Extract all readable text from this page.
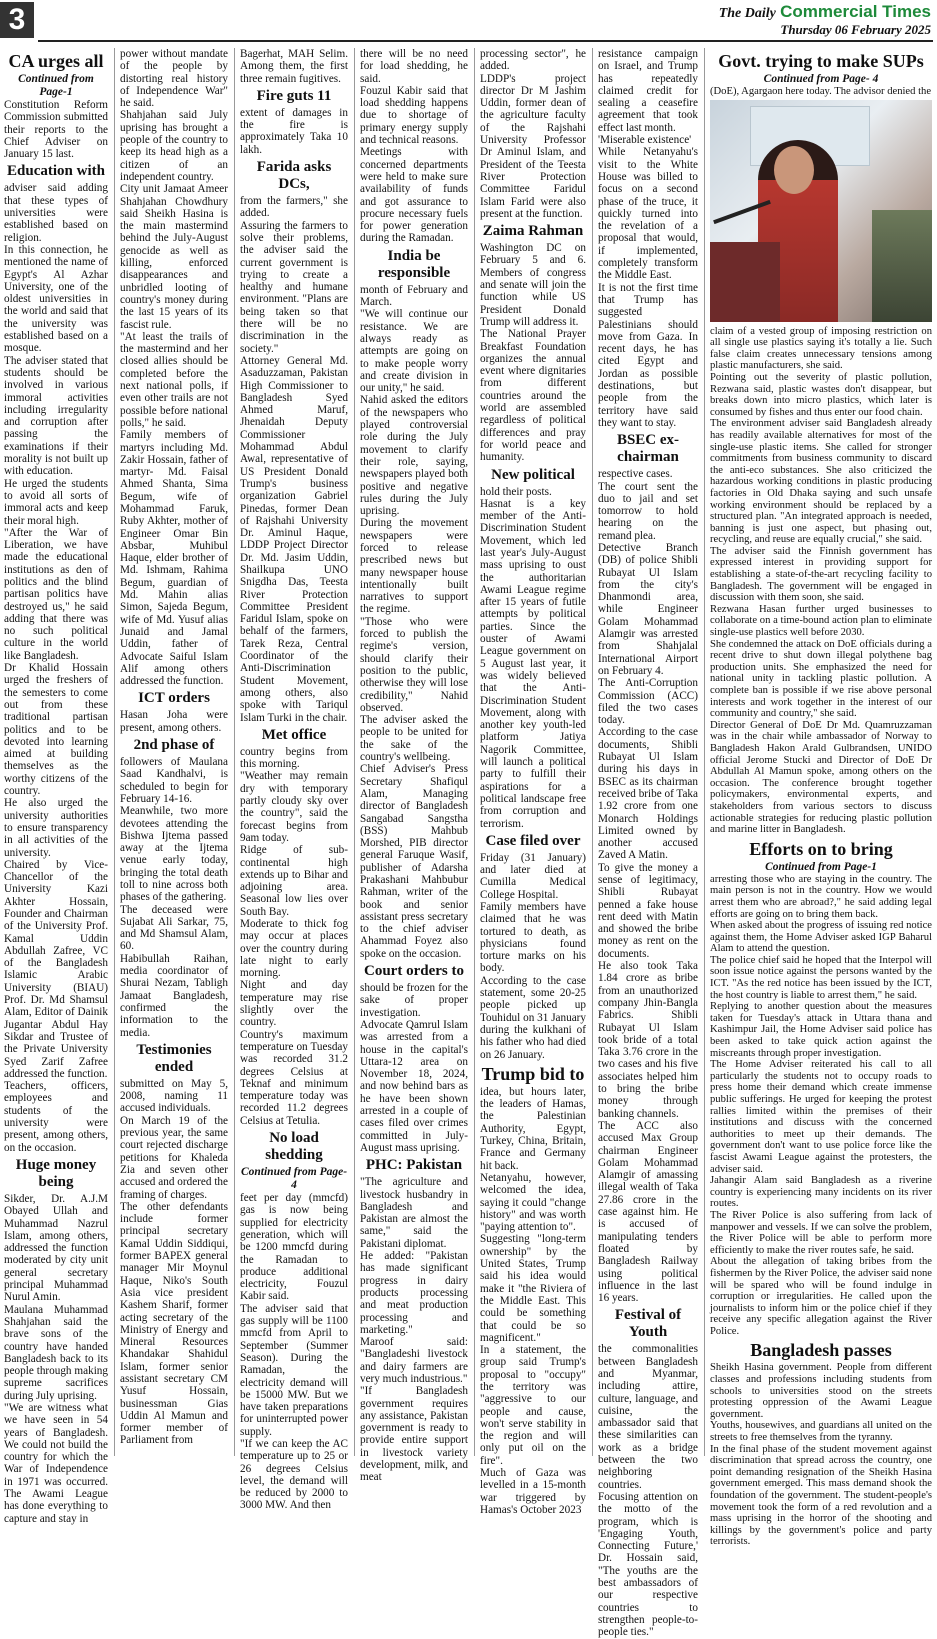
3	The Daily Commercial Times
Thursday 06 February 2025
CA urges all
Continued from Page-1

Constitution Reform Commission submitted their reports to the Chief Adviser on January 15 last.

Education with

adviser said adding that these types of universities were established based on religion.

In this connection, he mentioned the name of Egypt's Al Azhar University, one of the oldest universities in the world and said that the university was established based on a mosque.

The adviser stated that students should be involved in various immoral activities including irregularity and corruption after passing the examinations if their morality is not built up with education.

He urged the students to avoid all sorts of immoral acts and keep their moral high.

"After the War of Liberation, we have made the educational institutions as den of politics and the blind partisan politics have destroyed us," he said adding that there was no such political culture in the world like Bangladesh.

Dr Khalid Hossain urged the freshers of the semesters to come out from these traditional partisan politics and to be devoted into learning aimed at building themselves as the worthy citizens of the country.

He also urged the university authorities to ensure transparency in all activities of the university.

Chaired by Vice-Chancellor of the University Kazi Akhter Hossain, Founder and Chairman of the University Prof. Kamal Uddin Abdullah Zafree, VC of the Bangladesh Islamic Arabic University (BIAU) Prof. Dr. Md Shamsul Alam, Editor of Dainik Jugantar Abdul Hay Sikdar and Trustee of the Private University Syed Zarif Zafree addressed the function.

Teachers, officers, employees and students of the university were present, among others, on the occasion.

Huge money being

Sikder, Dr. A.J.M Obayed Ullah and Muhammad Nazrul Islam, among others, addressed the function moderated by city unit general secretary principal Muhammad Nurul Amin.

Maulana Muhammad Shahjahan said the brave sons of the country have handed Bangladesh back to its people through making supreme sacrifices during July uprising.

"We are witness what we have seen in 54 years of Bangladesh. We could not build the country for which the War of Independence in 1971 was occurred. The Awami League has done everything to capture and stay in

power without mandate of the people by distorting real history of Independence War" he said.

Shahjahan said July uprising has brought a people of the country to keep its head high as a citizen of an independent country.

City unit Jamaat Ameer Shahjahan Chowdhury said Sheikh Hasina is the main mastermind behind the July-August genocide as well as killing, enforced disappearances and unbridled looting of country's money during the last 15 years of its fascist rule.

"At least the trails of the mastermind and her closed allies should be completed before the next national polls, if even other trails are not possible before national polls," he said.

Family members of martyrs including Md. Zakir Hossain, father of martyr- Md. Faisal Ahmed Shanta, Sima Begum, wife of Mohammad Faruk, Ruby Akhter, mother of Engineer Omar Bin Absbar, Muhibul Haque, elder brother of Md. Ishmam, Rahima Begum, guardian of Md. Mahin alias Simon, Sajeda Begum, wife of Md. Yusuf alias Junaid and Jamal Uddin, father of Advocate Saiful Islam Alif among others addressed the function.

ICT orders

Hasan Joha were present, among others.

2nd phase of

followers of Maulana Saad Kandhalvi, is scheduled to begin for February 14-16.

Meanwhile, two more devotees attending the Bishwa Ijtema passed away at the Ijtema venue early today, bringing the total death toll to nine across both phases of the gathering.

The deceased were Sujabat Ali Sarkar, 75, and Md Shamsul Alam, 60.

Habibullah Raihan, media coordinator of Shurai Nezam, Tabligh Jamaat Bangladesh, confirmed the information to the media.

Testimonies ended

submitted on May 5, 2008, naming 11 accused individuals.

On March 19 of the previous year, the same court rejected discharge petitions for Khaleda Zia and seven other accused and ordered the framing of charges.

The other defendants include former principal secretary Kamal Uddin Siddiqui, former BAPEX general manager Mir Moynul Haque, Niko's South Asia vice president Kashem Sharif, former acting secretary of the Ministry of Energy and Mineral Resources Khandakar Shahidul Islam, former senior assistant secretary CM Yusuf Hossain, businessman Gias Uddin Al Mamun and former member of Parliament from

Bagerhat, MAH Selim. Among them, the first three remain fugitives.

Fire guts 11

extent of damages in the fire is approximately Taka 10 lakh.

Farida asks DCs,

from the farmers," she added.

Assuring the farmers to solve their problems, the adviser said the current government is trying to create a healthy and humane environment. "Plans are being taken so that there will be no discrimination in the society."

Attorney General Md. Asaduzzaman, Pakistan High Commissioner to Bangladesh Syed Ahmed Maruf, Jhenaidah Deputy Commissioner Mohammad Abdul Awal, representative of US President Donald Trump's business organization Gabriel Pinedas, former Dean of Rajshahi University Dr. Aminul Haque, LDDP Project Director Dr. Md. Jasim Uddin, Shailkupa UNO Snigdha Das, Teesta River Protection Committee President Faridul Islam, spoke on behalf of the farmers, Tarek Reza, Central Coordinator of the Anti-Discrimination Student Movement, among others, also spoke with Tariqul Islam Turki in the chair.

Met office

country begins from this morning.

"Weather may remain dry with temporary partly cloudy sky over the country", said the forecast begins from 9am today.

Ridge of sub-continental high extends up to Bihar and adjoining area. Seasonal low lies over South Bay.

Moderate to thick fog may occur at places over the country during late night to early morning.

Night and day temperature may rise slightly over the country.

Country's maximum temperature on Tuesday was recorded 31.2 degrees Celsius at Teknaf and minimum temperature today was recorded 11.2 degrees Celsius at Tetulia.

No load shedding
Continued from Page- 4

feet per day (mmcfd) gas is now being supplied for electricity generation, which will be 1200 mmcfd during the Ramadan to produce additional electricity, Fouzul Kabir said.

The adviser said that gas supply will be 1100 mmcfd from April to September (Summer Season). During the Ramadan, the electricity demand will be 15000 MW. But we have taken preparations for uninterrupted power supply.

"If we can keep the AC temperature up to 25 or 26 degrees Celsius level, the demand will be reduced by 2000 to 3000 MW. And then

there will be no need for load shedding, he said.

Fouzul Kabir said that load shedding happens due to shortage of primary energy supply and technical reasons.

Meetings with concerned departments were held to make sure availability of funds and got assurance to procure necessary fuels for power generation during the Ramadan.

India be responsible

month of February and March.

"We will continue our resistance. We are always ready as attempts are going on to make people worry and create division in our unity," he said.

Nahid asked the editors of the newspapers who played controversial role during the July movement to clarify their role, saying, newspapers played both positive and negative rules during the July uprising.

During the movement newspapers were forced to release prescribed news but many newspaper house intentionally built narratives to support the regime.

"Those who were forced to publish the regime's version, should clarify their position to the public, otherwise they will lose credibility," Nahid observed.

The adviser asked the people to be united for the sake of the country's wellbeing.

Chief Adviser's Press Secretary Shafiqul Alam, Managing director of Bangladesh Sangabad Sangstha (BSS) Mahbub Morshed, PIB director general Faruque Wasif, publisher of Adarsha Prakashani Mahbubur Rahman, writer of the book and senior assistant press secretary to the chief adviser Ahammad Foyez also spoke on the occasion.

Court orders to

should be frozen for the sake of proper investigation.

Advocate Qamrul Islam was arrested from a house in the capital's Uttara-12 area on November 18, 2024, and now behind bars as he have been shown arrested in a couple of cases filed over crimes committed in July-August mass uprising.

PHC: Pakistan

"The agriculture and livestock husbandry in Bangladesh and Pakistan are almost the same," said the Pakistani diplomat.

He added: "Pakistan has made significant progress in dairy products processing and meat production processing and marketing."

Maroof said: "Bangladeshi livestock and dairy farmers are very much industrious."

"If Bangladesh government requires any assistance, Pakistan government is ready to provide entire support in livestock variety development, milk, and meat

processing sector", he added.

LDDP's project director Dr M Jashim Uddin, former dean of the agriculture faculty of the Rajshahi University Professor Dr Aminul Islam, and President of the Teesta River Protection Committee Faridul Islam Farid were also present at the function.

Zaima Rahman

Washington DC on February 5 and 6. Members of congress and senate will join the function while US President Donald Trump will address it.

The National Prayer Breakfast Foundation organizes the annual event where dignitaries from different countries around the world are assembled regardless of political differences and pray for world peace and humanity.

New political

hold their posts.

Hasnat is a key member of the Anti-Discrimination Student Movement, which led last year's July-August mass uprising to oust the authoritarian Awami League regime after 15 years of futile attempts by political parties. Since the ouster of Awami League government on 5 August last year, it was widely believed that the Anti-Discrimination Student Movement, along with another key youth-led platform Jatiya Nagorik Committee, will launch a political party to fulfill their aspirations for a political landscape free from corruption and terrorism.

Case filed over

Friday (31 January) and later died at Cumilla Medical College Hospital.

Family members have claimed that he was tortured to death, as physicians found torture marks on his body.

According to the case statement, some 20-25 people picked up Touhidul on 31 January during the kulkhani of his father who had died on 26 January.

Trump bid to

idea, but hours later, the leaders of Hamas, the Palestinian Authority, Egypt, Turkey, China, Britain, France and Germany hit back.

Netanyahu, however, welcomed the idea, saying it could "change history" and was worth "paying attention to".

Suggesting "long-term ownership" by the United States, Trump said his idea would make it "the Riviera of the Middle East. This could be something that could be so magnificent."

In a statement, the group said Trump's proposal to "occupy" the territory was "aggressive to our people and cause, won't serve stability in the region and will only put oil on the fire".

Much of Gaza was levelled in a 15-month war triggered by Hamas's October 2023

resistance campaign on Israel, and Trump has repeatedly claimed credit for sealing a ceasefire agreement that took effect last month.

'Miserable existence'

While Netanyahu's visit to the White House was billed to focus on a second phase of the truce, it quickly turned into the revelation of a proposal that would, if implemented, completely transform the Middle East.

It is not the first time that Trump has suggested Palestinians should move from Gaza. In recent days, he has cited Egypt and Jordan as possible destinations, but people from the territory have said they want to stay.

BSEC ex-chairman

respective cases.

The court sent the duo to jail and set tomorrow to hold hearing on the remand plea.

Detective Branch (DB) of police Shibli Rubayat Ul Islam from the city's Dhanmondi area, while Engineer Golam Mohammad Alamgir was arrested from Shahjalal International Airport on February 4.

The Anti-Corruption Commission (ACC) filed the two cases today.

According to the case documents, Shibli Rubayat Ul Islam during his days in BSEC as its chairman received bribe of Taka 1.92 crore from one Monarch Holdings Limited owned by another accused Zaved A Matin.

To give the money a sense of legitimacy, Shibli Rubayat penned a fake house rent deed with Matin and showed the bribe money as rent on the documents.

He also took Taka 1.84 crore as bribe from an unauthorized company Jhin-Bangla Fabrics. Shibli Rubayat Ul Islam took bride of a total Taka 3.76 crore in the two cases and his five associates helped him to bring the bribe money through banking channels.

The ACC also accused Max Group chairman Engineer Golam Mohammad Alamgir of amassing illegal wealth of Taka 27.86 crore in the case against him. He is accused of manipulating tenders floated by Bangladesh Railway using political influence in the last 16 years.

Festival of Youth

the commonalities between Bangladesh and Myanmar, including attire, culture, language, and cuisine, the ambassador said that these similarities can work as a bridge between the two neighboring countries.

Focusing attention on the motto of the program, which is 'Engaging Youth, Connecting Future,' Dr. Hossain said, "The youths are the best ambassadors of our respective countries to strengthen people-to-people ties."

Govt. trying to make SUPs
Continued from Page- 4

(DoE), Agargaon here today. The advisor denied the

claim of a vested group of imposing restriction on all single use plastics saying it's totally a lie. Such false claim creates unnecessary tensions among plastic manufacturers, she said.

Pointing out the severity of plastic pollution, Rezwana said, plastic wastes don't disappear, but breaks down into micro plastics, which later is consumed by fishes and thus enter our food chain.

The environment adviser said Bangladesh already has readily available alternatives for most of the single-use plastic items. She called for stronger commitments from business community to discard the anti-eco substances. She also criticized the hazardous working conditions in plastic producing factories in Old Dhaka saying and such unsafe working environment should be replaced by a structured plan. "An integrated approach is needed, banning is just one aspect, but phasing out, recycling, and reuse are equally crucial," she said.

The adviser said the Finnish government has expressed interest in providing support for establishing a state-of-the-art recycling facility to Bangladesh. The government will be engaged in discussion with them soon, she said.

Rezwana Hasan further urged businesses to collaborate on a time-bound action plan to eliminate single-use plastics well before 2030.

She condemned the attack on DoE officials during a recent drive to shut down illegal polythene bag production units. She emphasized the need for national unity in tackling plastic pollution. A complete ban is possible if we rise above personal interests and work together in the interest of our community and country," she said.

Director General of DoE Dr Md. Quamruzzaman was in the chair while ambassador of Norway to Bangladesh Hakon Arald Gulbrandsen, UNIDO official Jerome Stucki and Director of DoE Dr Abdullah Al Mamun spoke, among others on the occasion. The conference brought together policymakers, environmental experts, and stakeholders from various sectors to discuss actionable strategies for reducing plastic pollution and marine litter in Bangladesh.

Efforts on to bring
Continued from Page-1

arresting those who are staying in the country. The main person is not in the country. How we would arrest them who are abroad?," he said adding legal efforts are going on to bring them back.

When asked about the progress of issuing red notice against them, the Home Adviser asked IGP Baharul Alam to attend the question.

The police chief said he hoped that the Interpol will soon issue notice against the persons wanted by the ICT. "As the red notice has been issued by the ICT, the host country is liable to arrest them," he said.

Replying to another question about the measures taken for Tuesday's attack in Uttara thana and Kashimpur Jail, the Home Adviser said police has been asked to take quick action against the miscreants through proper investigation.

The Home Adviser reiterated his call to all particularly the students not to occupy roads to press home their demand which create immense public sufferings. He urged for keeping the protest rallies limited within the premises of their institutions and discuss with the concerned authorities to meet up their demands. The government don't want to use police force like the fascist Awami League against the protesters, the adviser said.

Jahangir Alam said Bangladesh as a riverine country is experiencing many incidents on its river routes.

The River Police is also suffering from lack of manpower and vessels. If we can solve the problem, the River Police will be able to perform more efficiently to make the river routes safe, he said.

About the allegation of taking bribes from the fishermen by the River Police, the adviser said none will be spared who will be found indulge in corruption or irregularities. He called upon the journalists to inform him or the police chief if they receive any specific allegation against the River Police.

Bangladesh passes

Sheikh Hasina government. People from different classes and professions including students from schools to universities stood on the streets protesting oppression of the Awami League government.

Youths, housewives, and guardians all united on the streets to free themselves from the tyranny.

In the final phase of the student movement against discrimination that spread across the country, one point demanding resignation of the Sheikh Hasina government emerged. This mass demand shook the foundation of the government. The student-people's movement took the form of a red revolution and a mass uprising in the horror of the shooting and killings by the government's police and party terrorists.
